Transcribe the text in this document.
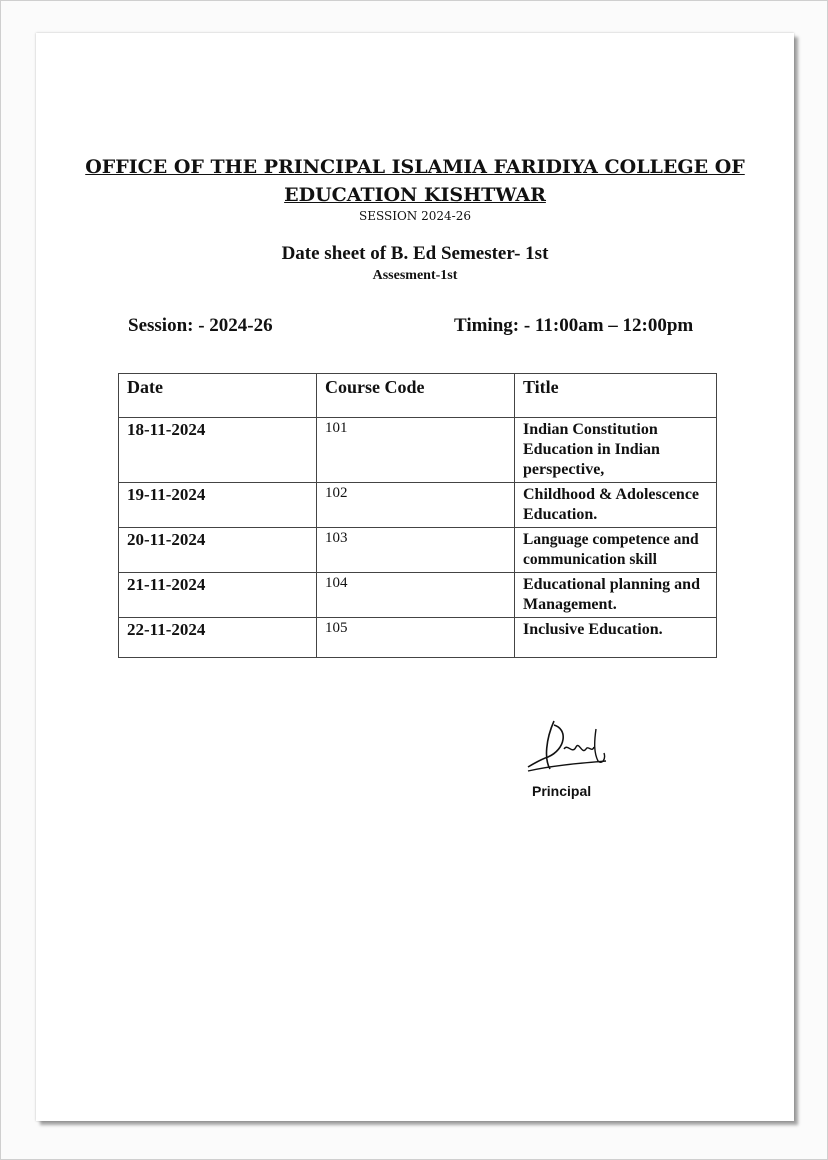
OFFICE OF THE PRINCIPAL ISLAMIA FARIDIYA COLLEGE OF
EDUCATION KISHTWAR
SESSION 2024-26
Date sheet of B. Ed Semester- 1st
Assesment-1st
Session: - 2024-26	Timing: - 11:00am – 12:00pm
Date	Course Code	Title
18-11-2024	101	Indian Constitution Education in Indian perspective,
19-11-2024	102	Childhood & Adolescence Education.
20-11-2024	103	Language competence and communication skill
21-11-2024	104	Educational planning and Management.
22-11-2024	105	Inclusive Education.
Principal
